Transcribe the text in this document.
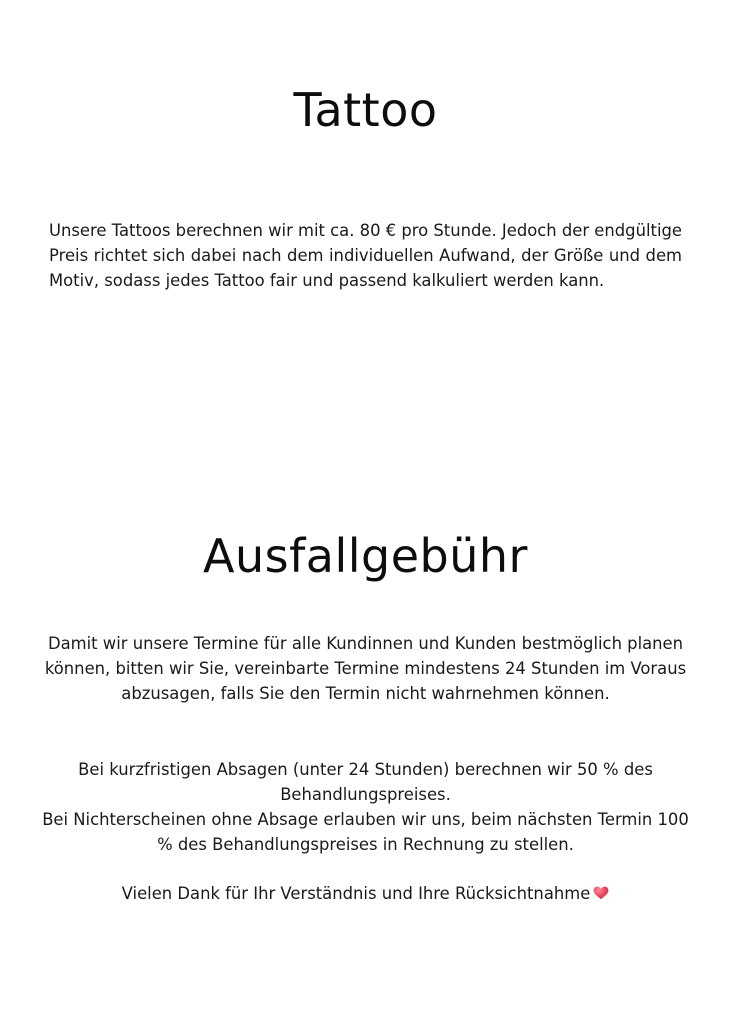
Tattoo

Unsere Tattoos berechnen wir mit ca. 80 € pro Stunde. Jedoch der endgültige Preis richtet sich dabei nach dem individuellen Aufwand, der Größe und dem Motiv, sodass jedes Tattoo fair und passend kalkuliert werden kann.

Ausfallgebühr

Damit wir unsere Termine für alle Kundinnen und Kunden bestmöglich planen können, bitten wir Sie, vereinbarte Termine mindestens 24 Stunden im Voraus abzusagen, falls Sie den Termin nicht wahrnehmen können.

Bei kurzfristigen Absagen (unter 24 Stunden) berechnen wir 50 % des Behandlungspreises.

Bei Nichterscheinen ohne Absage erlauben wir uns, beim nächsten Termin 100 % des Behandlungspreises in Rechnung zu stellen.

Vielen Dank für Ihr Verständnis und Ihre Rücksichtnahme
